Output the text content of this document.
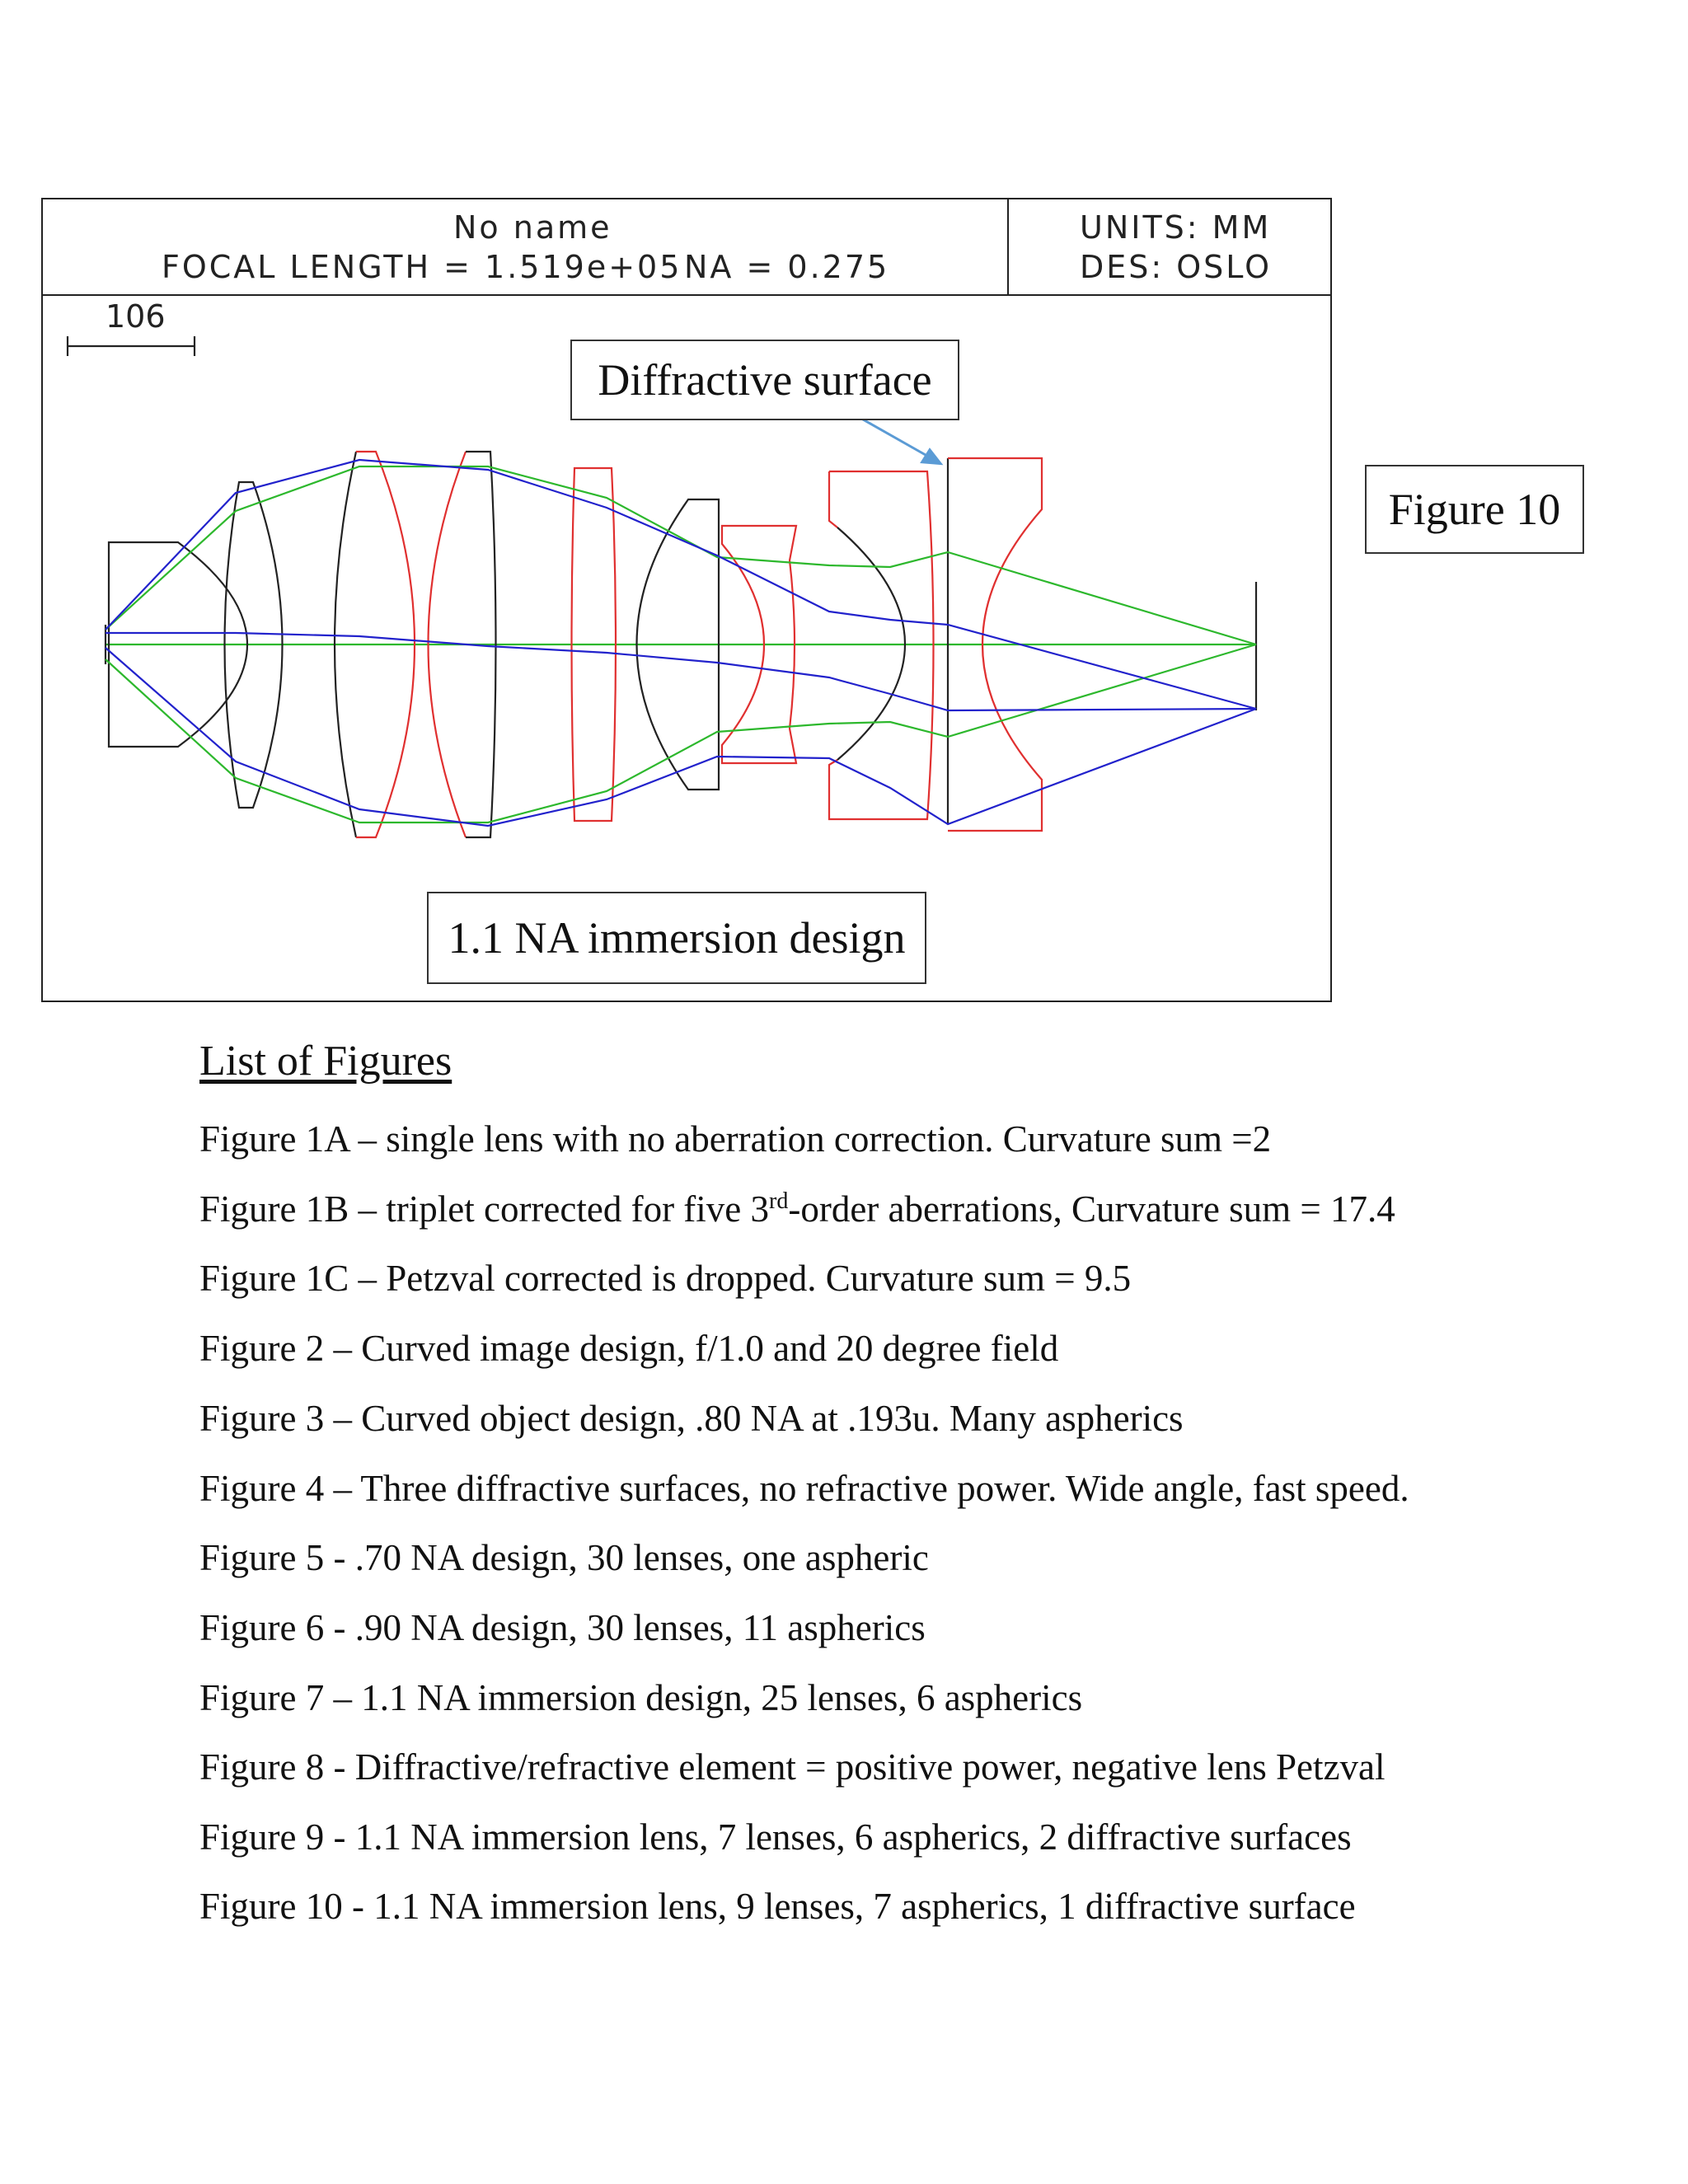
No name
FOCAL LENGTH = 1.519e+05 NA = 0.275
UNITS: MM
DES: OSLO
106
Diffractive surface
1.1 NA immersion design
Figure 10
List of Figures
Figure 1A – single lens with no aberration correction. Curvature sum =2
Figure 1B – triplet corrected for five 3rd-order aberrations, Curvature sum = 17.4
Figure 1C – Petzval corrected is dropped. Curvature sum = 9.5
Figure 2 – Curved image design, f/1.0 and 20 degree field
Figure 3 – Curved object design, .80 NA at .193u. Many aspherics
Figure 4 – Three diffractive surfaces, no refractive power. Wide angle, fast speed.
Figure 5 - .70 NA design, 30 lenses, one aspheric
Figure 6 - .90 NA design, 30 lenses, 11 aspherics
Figure 7 – 1.1 NA immersion design, 25 lenses, 6 aspherics
Figure 8 - Diffractive/refractive element = positive power, negative lens Petzval
Figure 9 - 1.1 NA immersion lens, 7 lenses, 6 aspherics, 2 diffractive surfaces
Figure 10 - 1.1 NA immersion lens, 9 lenses, 7 aspherics, 1 diffractive surface
